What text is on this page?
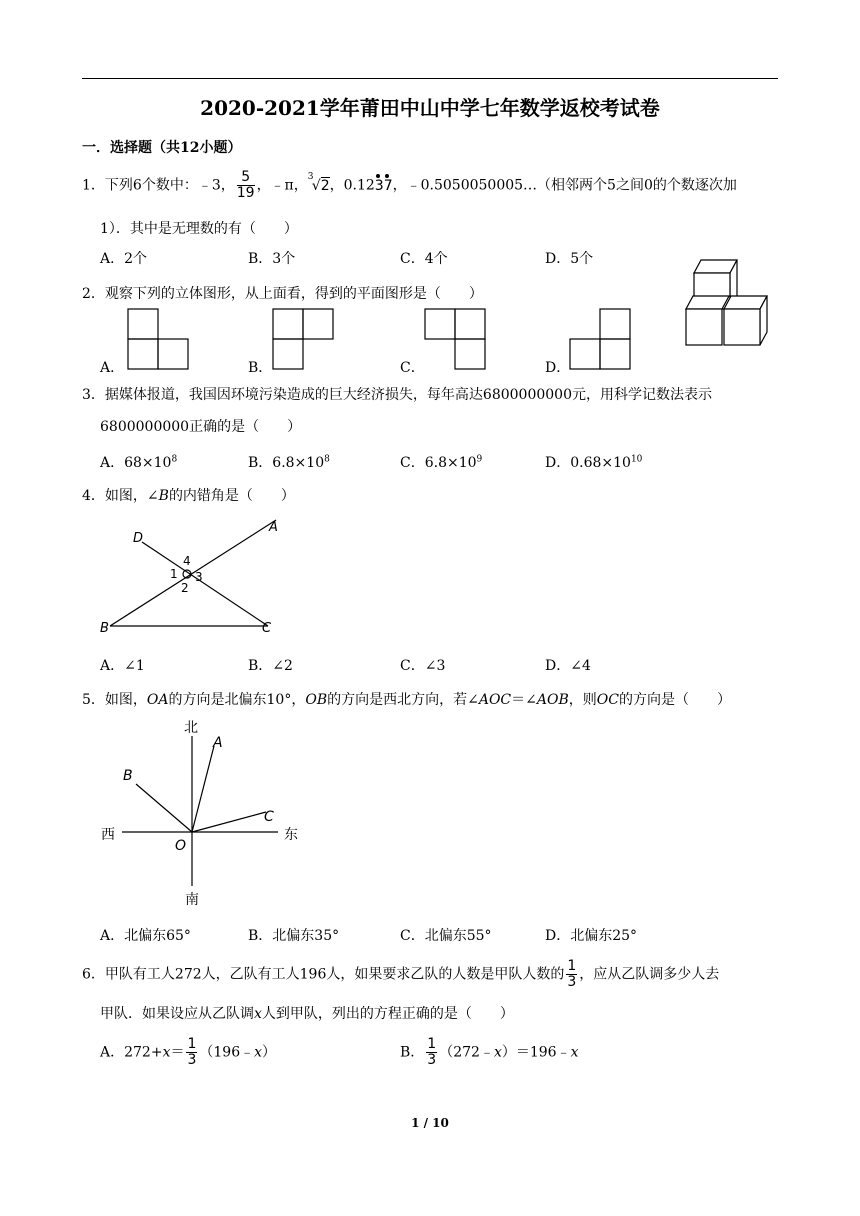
2020-2021学年莆田中山中学七年数学返校考试卷
一．选择题（共12小题）
1．下列6个数中：﹣3， $\frac{5}{19}$ ，﹣π，
3
√2，0.12
37，﹣0.5050050005…（相邻两个5之间0的个数逐次加
1）．其中是无理数的有（　　）
A．2个	B．3个	C．4个	D．5个
2．观察下列的立体图形，从上面看，得到的平面图形是（　　）
A．	B．	C．	D．
3．据媒体报道，我国因环境污染造成的巨大经济损失，每年高达6800000000元，用科学记数法表示
6800000000正确的是（　　）
A．$68\times 10^8$	B．$6.8\times 10^8$	C．$6.8\times 10^9$	D．$0.68\times 10^{10}$
4．如图，∠B的内错角是（　　）
D
A
B	C
4
1 3
2
A．∠1	B．∠2	C．∠3	D．∠4
5．如图，OA的方向是北偏东10°，OB的方向是西北方向，若∠AOC＝∠AOB，则OC的方向是（　　）
北
南
西	东
A
B
C
O
A．北偏东65°	B．北偏东35°	C．北偏东55°	D．北偏东25°
6．甲队有工人272人，乙队有工人196人，如果要求乙队的人数是甲队人数的 $\frac{1}{3}$ ，应从乙队调多少人去
甲队．如果设应从乙队调x人到甲队，列出的方程正确的是（　　）
A．$272+x= \frac{1}{3}$ （196﹣x）	B． $\frac{1}{3}$ （272﹣x）＝196﹣x
1 / 10
